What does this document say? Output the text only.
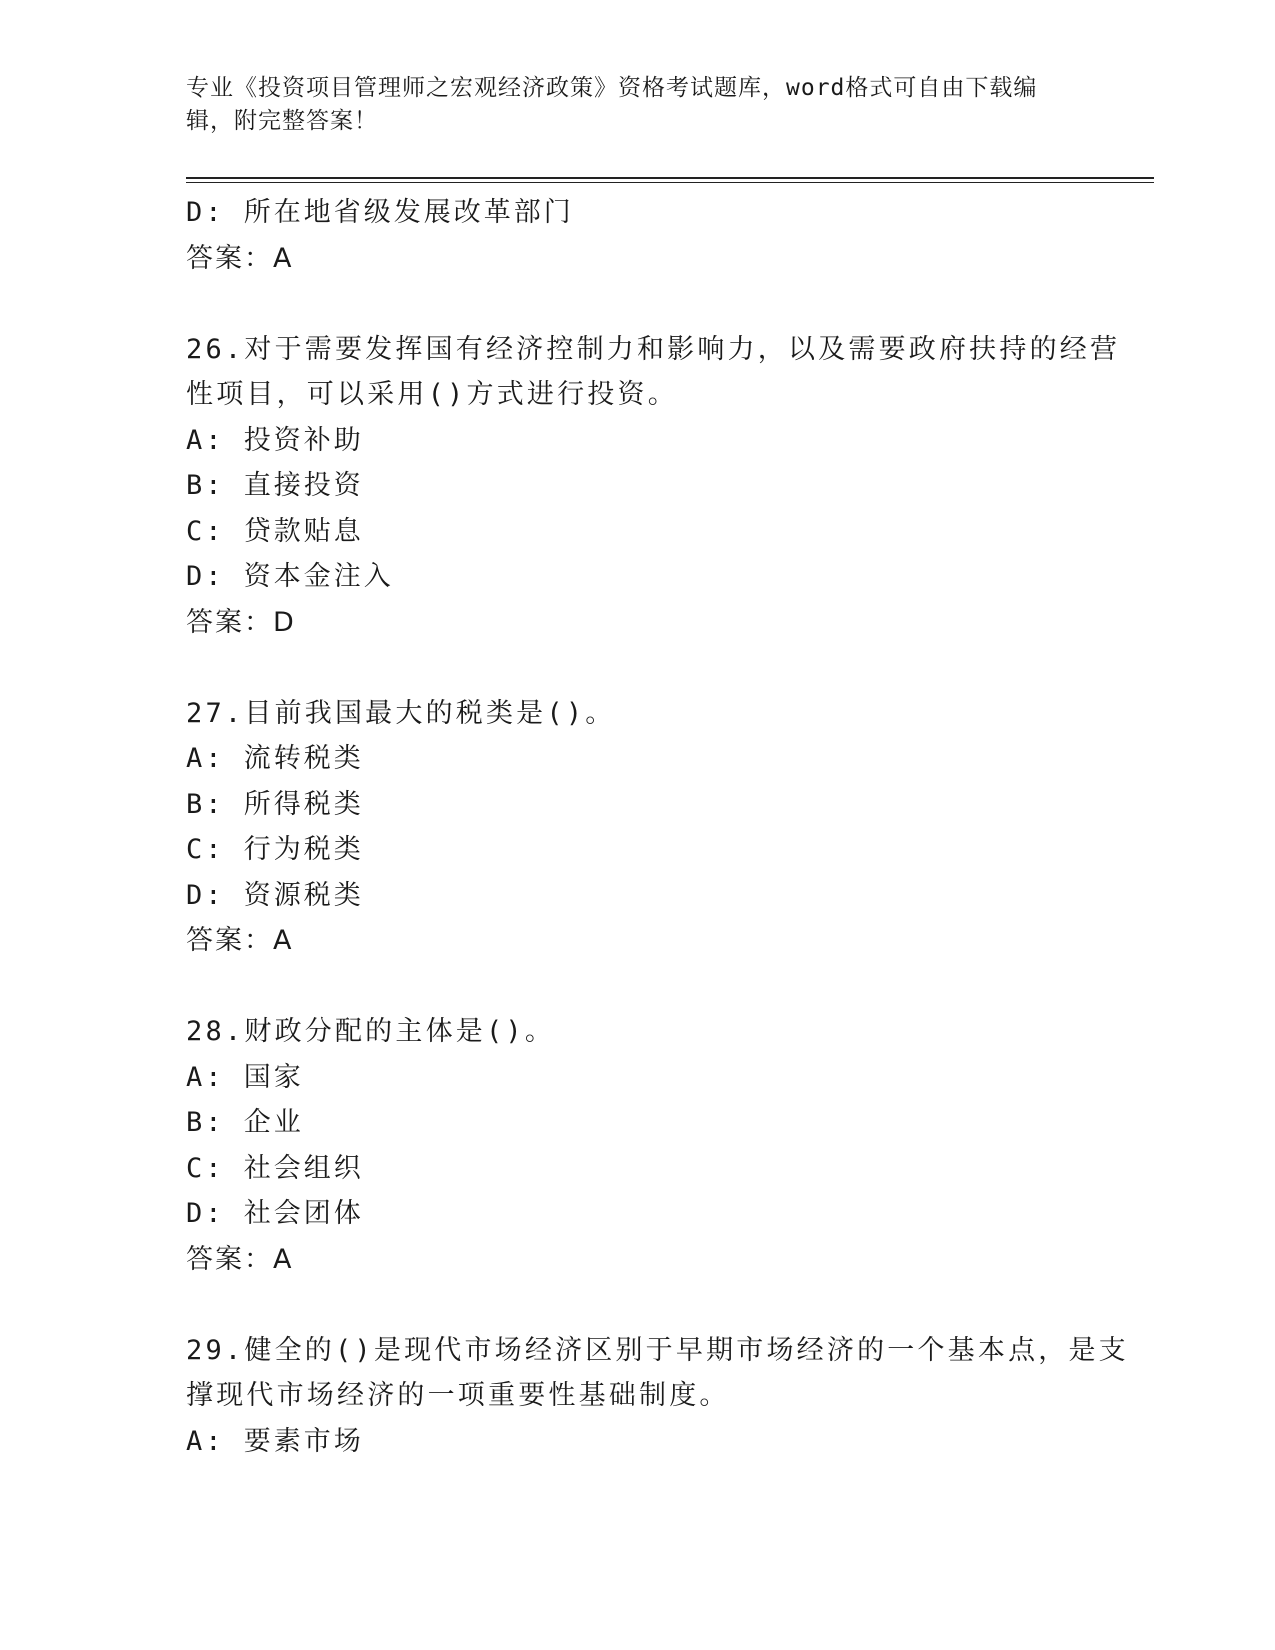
专业《投资项目管理师之宏观经济政策》资格考试题库，word格式可自由下载编
辑，附完整答案！
D: 所在地省级发展改革部门
答案：A
26.对于需要发挥国有经济控制力和影响力，以及需要政府扶持的经营
性项目，可以采用()方式进行投资。
A: 投资补助
B: 直接投资
C: 贷款贴息
D: 资本金注入
答案：D
27.目前我国最大的税类是()。
A: 流转税类
B: 所得税类
C: 行为税类
D: 资源税类
答案：A
28.财政分配的主体是()。
A: 国家
B: 企业
C: 社会组织
D: 社会团体
答案：A
29.健全的()是现代市场经济区别于早期市场经济的一个基本点，是支
撑现代市场经济的一项重要性基础制度。
A: 要素市场
